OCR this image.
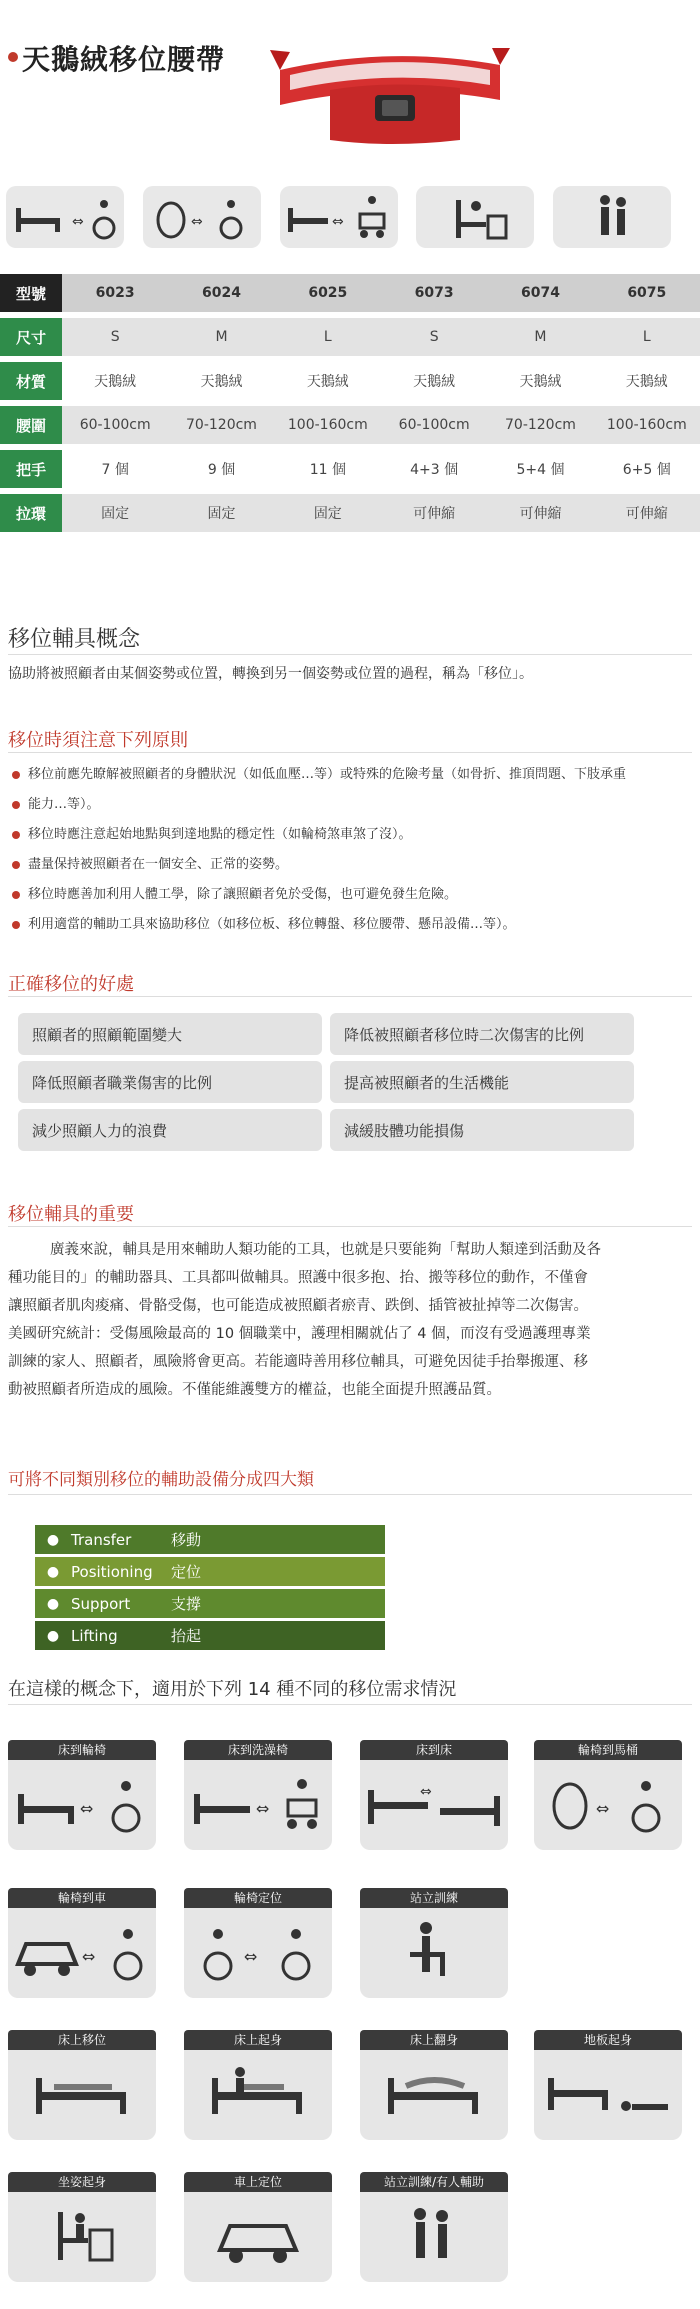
天鵝絨移位腰帶
⇔	⇔	⇔
型號	6023	6024	6025	6073	6074	6075
尺寸	S	M	L	S	M	L
材質	天鵝絨	天鵝絨	天鵝絨	天鵝絨	天鵝絨	天鵝絨
腰圍	60-100cm	70-120cm	100-160cm	60-100cm	70-120cm	100-160cm
把手	7 個	9 個	11 個	4+3 個	5+4 個	6+5 個
拉環	固定	固定	固定	可伸縮	可伸縮	可伸縮
移位輔具概念
協助將被照顧者由某個姿勢或位置，轉換到另一個姿勢或位置的過程，稱為「移位」。
移位時須注意下列原則
移位前應先瞭解被照顧者的身體狀況（如低血壓…等）或特殊的危險考量（如骨折、推頂問題、下肢承重
能力…等）。
移位時應注意起始地點與到達地點的穩定性（如輪椅煞車煞了沒）。
盡量保持被照顧者在一個安全、正常的姿勢。
移位時應善加利用人體工學，除了讓照顧者免於受傷，也可避免發生危險。
利用適當的輔助工具來協助移位（如移位板、移位轉盤、移位腰帶、懸吊設備…等）。
正確移位的好處
照顧者的照顧範圍變大	降低被照顧者移位時二次傷害的比例
降低照顧者職業傷害的比例	提高被照顧者的生活機能
減少照顧人力的浪費	減緩肢體功能損傷
移位輔具的重要
廣義來說，輔具是用來輔助人類功能的工具，也就是只要能夠「幫助人類達到活動及各
種功能目的」的輔助器具、工具都叫做輔具。照護中很多抱、抬、搬等移位的動作，不僅會
讓照顧者肌肉痠痛、骨骼受傷，也可能造成被照顧者瘀青、跌倒、插管被扯掉等二次傷害。
美國研究統計：受傷風險最高的 10 個職業中，護理相關就佔了 4 個，而沒有受過護理專業
訓練的家人、照顧者，風險將會更高。若能適時善用移位輔具，可避免因徒手抬舉搬運、移
動被照顧者所造成的風險。不僅能維護雙方的權益，也能全面提升照護品質。
可將不同類別移位的輔助設備分成四大類
● Transfer	移動
● Positioning	定位
● Support	支撐
● Lifting	抬起
在這樣的概念下，適用於下列 14 種不同的移位需求情況
床到輪椅
⇔
床到洗澡椅
⇔
床到床
⇔
輪椅到馬桶
⇔
輪椅到車
⇔
輪椅定位
⇔
站立訓練
床上移位	床上起身	床上翻身	地板起身
坐姿起身	車上定位	站立訓練/有人輔助
